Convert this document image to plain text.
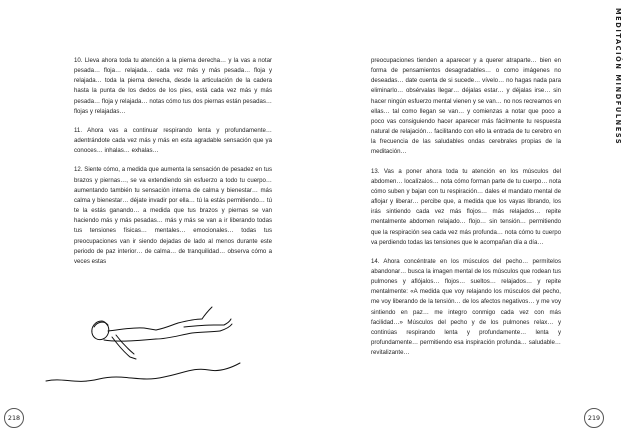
10. Lleva ahora toda tu atención a la pierna derecha… y la vas a notar pesada… floja… relajada… cada vez más y más pesada… floja y relajada… toda la pierna derecha, desde la articulación de la cadera hasta la punta de los dedos de los pies, está cada vez más y más pesada… floja y relajada… notas cómo tus dos piernas están pesadas… flojas y relajadas…

11. Ahora vas a continuar respirando lenta y profundamente… adentrándote cada vez más y más en esta agradable sensación que ya conoces… inhalas… exhalas…

12. Siente cómo, a medida que aumenta la sensación de pesadez en tus brazos y piernas…, se va extendiendo sin esfuerzo a todo tu cuerpo… aumentando también tu sensación interna de calma y bienestar… más calma y bienestar… déjate invadir por ella… tú la estás permitiendo… tú te la estás ganando… a medida que tus brazos y piernas se van haciendo más y más pesadas… más y más se van a ir liberando todas tus tensiones físicas… mentales… emocionales… todas tus preocupaciones van ir siendo dejadas de lado al menos durante este periodo de paz interior… de calma… de tranquilidad… observa cómo a veces estas

218
MEDITACIÓN MINDFULNESS

preocupaciones tienden a aparecer y a querer atraparte… bien en forma de pensamientos desagradables… o como imágenes no deseadas… date cuenta de si sucede… vívelo… no hagas nada para eliminarlo… obsérvalas llegar… déjalas estar… y déjalas irse… sin hacer ningún esfuerzo mental vienen y se van… no nos recreamos en ellas… tal como llegan se van… y comienzas a notar que poco a poco vas consiguiendo hacer aparecer más fácilmente tu respuesta natural de relajación… facilitando con ello la entrada de tu cerebro en la frecuencia de las saludables ondas cerebrales propias de la meditación…

13. Vas a poner ahora toda tu atención en los músculos del abdomen… localízalos… nota cómo forman parte de tu cuerpo… nota cómo suben y bajan con tu respiración… dales el mandato mental de aflojar y liberar… percibe que, a medida que los vayas librando, los irás sintiendo cada vez más flojos… más relajados… repite mentalmente abdomen relajado… flojo… sin tensión… permitiendo que la respiración sea cada vez más profunda… nota cómo tu cuerpo va perdiendo todas las tensiones que le acompañan día a día…

14. Ahora concéntrate en los músculos del pecho… permítelos abandonar… busca la imagen mental de los músculos que rodean tus pulmones y aflójalos… flojos… sueltos… relajados… y repite mentalmente: «A medida que voy relajando los músculos del pecho, me voy liberando de la tensión… de los afectos negativos… y me voy sintiendo en paz… me integro conmigo cada vez con más facilidad…» Músculos del pecho y de los pulmones relax… y continúas respirando lenta y profundamente… lenta y profundamente… permitiendo esa inspiración profunda… saludable… revitalizante…

219
